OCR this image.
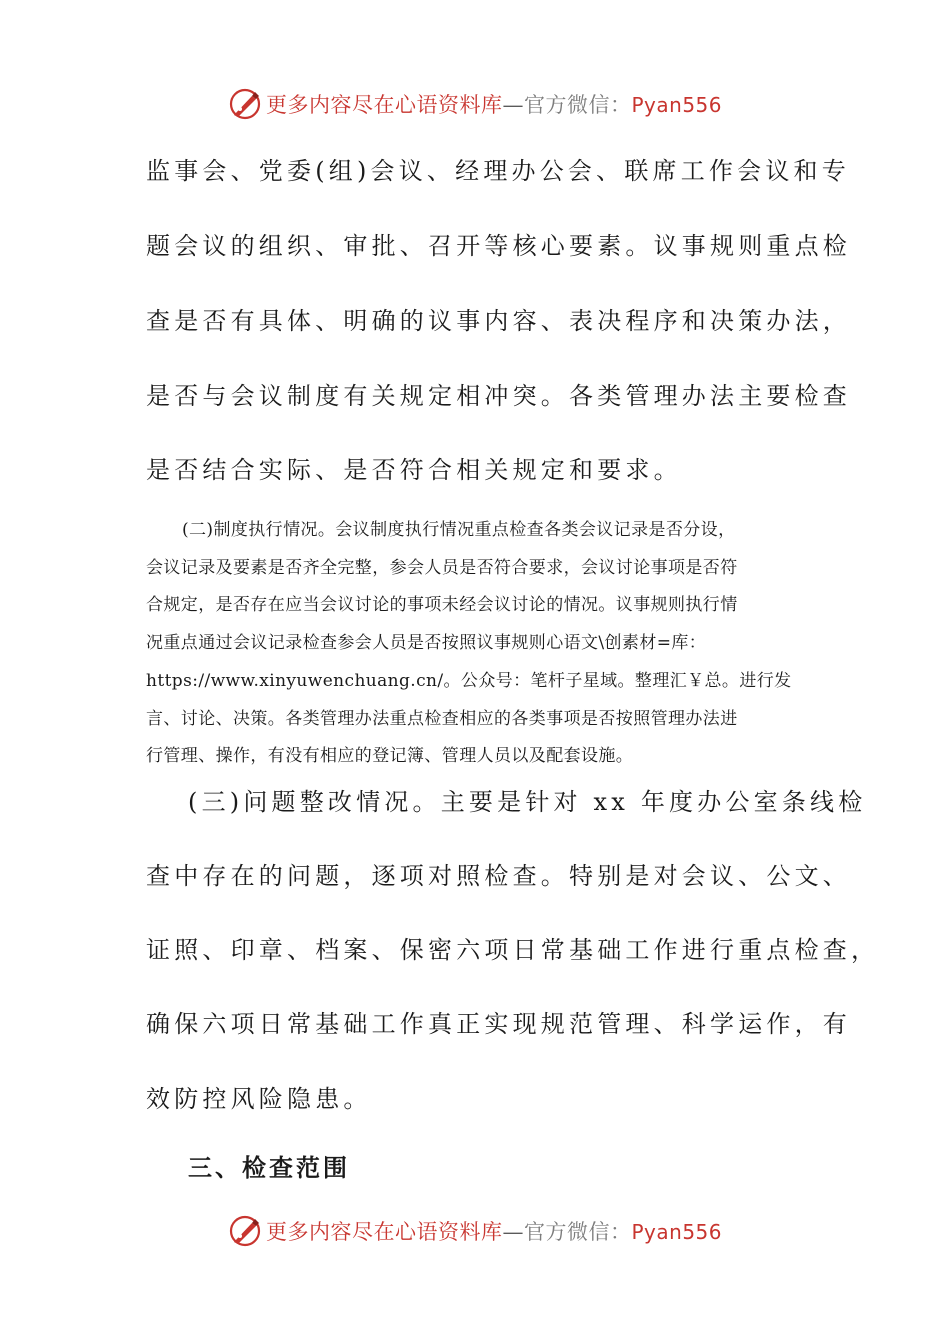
更多内容尽在心语资料库—官方微信：Pyan556
监事会、党委(组)会议、经理办公会、联席工作会议和专
题会议的组织、审批、召开等核心要素。议事规则重点检
查是否有具体、明确的议事内容、表决程序和决策办法，
是否与会议制度有关规定相冲突。各类管理办法主要检查
是否结合实际、是否符合相关规定和要求。
(二)制度执行情况。会议制度执行情况重点检查各类会议记录是否分设，
会议记录及要素是否齐全完整，参会人员是否符合要求，会议讨论事项是否符
合规定，是否存在应当会议讨论的事项未经会议讨论的情况。议事规则执行情
况重点通过会议记录检查参会人员是否按照议事规则心语文\创素材=库：
https://www.xinyuwenchuang.cn/。公众号：笔杆子星域。整理汇￥总。进行发
言、讨论、决策。各类管理办法重点检查相应的各类事项是否按照管理办法进
行管理、操作，有没有相应的登记簿、管理人员以及配套设施。
(三)问题整改情况。主要是针对 xx 年度办公室条线检
查中存在的问题，逐项对照检查。特别是对会议、公文、
证照、印章、档案、保密六项日常基础工作进行重点检查，
确保六项日常基础工作真正实现规范管理、科学运作，有
效防控风险隐患。
三、检查范围
更多内容尽在心语资料库—官方微信：Pyan556
